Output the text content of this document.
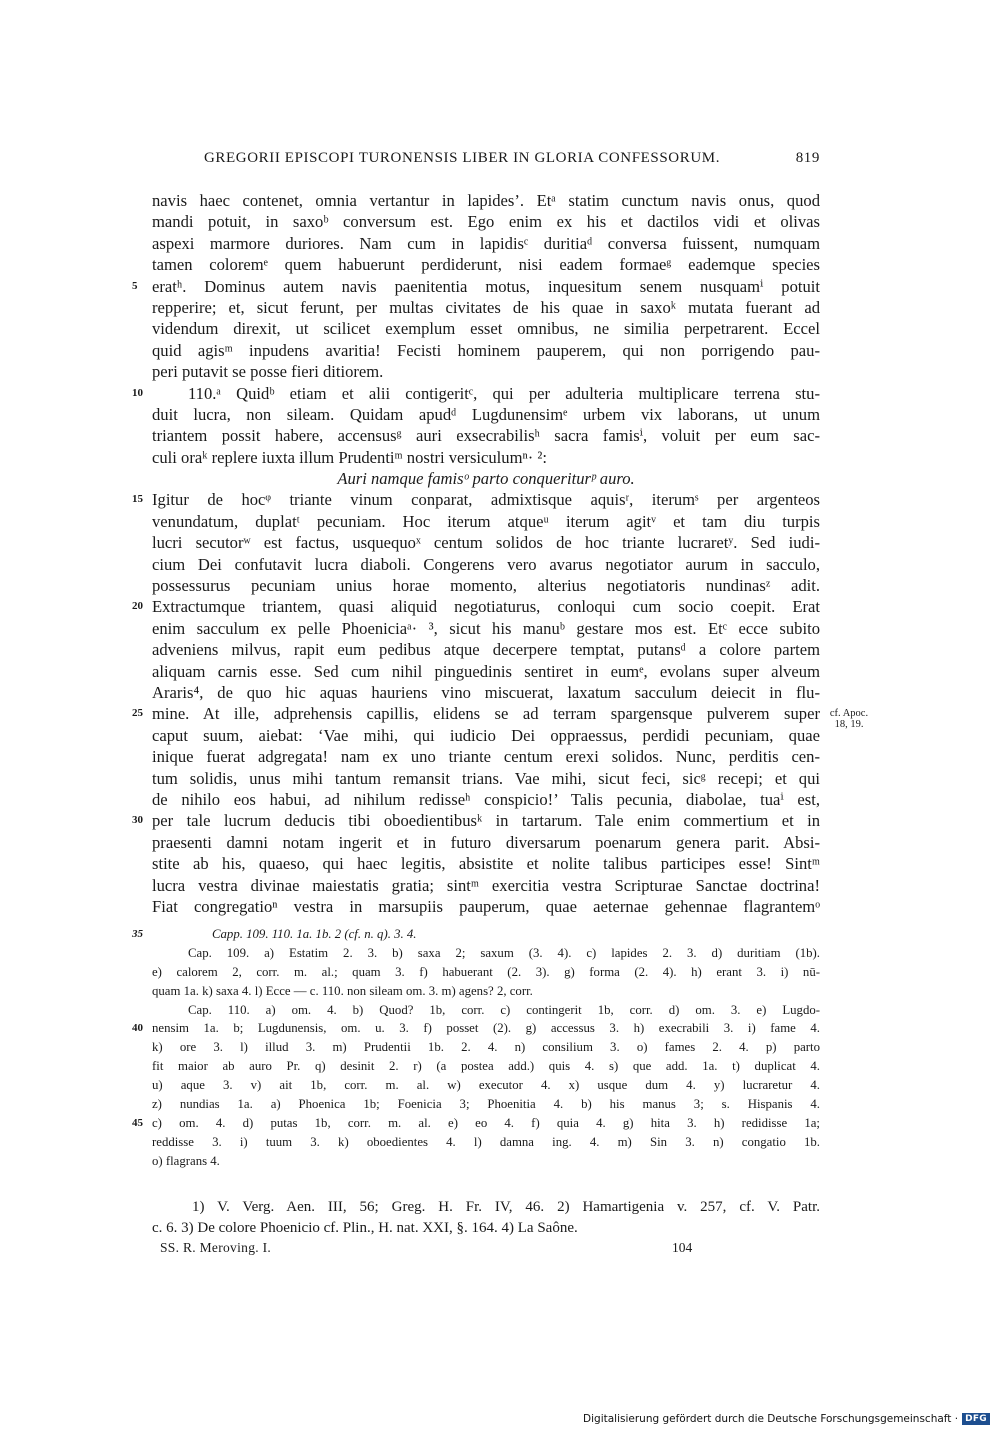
GREGORII EPISCOPI TURONENSIS LIBER IN GLORIA CONFESSORUM.	819
navis haec contenet, omnia vertantur in lapides’. Etᵃ statim cunctum navis onus, quod
mandi potuit, in saxoᵇ conversum est. Ego enim ex his et dactilos vidi et olivas
aspexi marmore duriores. Nam cum in lapidisᶜ duritiaᵈ conversa fuissent, numquam
tamen coloremᵉ quem habuerunt perdiderunt, nisi eadem formaeᵍ eademque species
5 eratʰ. Dominus autem navis paenitentia motus, inquesitum senem nusquamⁱ potuit
repperire; et, sicut ferunt, per multas civitates de his quae in saxoᵏ mutata fuerant ad
videndum direxit, ut scilicet exemplum esset omnibus, ne similia perpetrarent. Eccel
quid agisᵐ inpudens avaritia! Fecisti hominem pauperem, qui non porrigendo pau-
peri putavit se posse fieri ditiorem.
10	110.ᵃ Quidᵇ etiam et alii contigeritᶜ, qui per adulteria multiplicare terrena stu-
duit lucra, non sileam. Quidam apudᵈ Lugdunensimᵉ urbem vix laborans, ut unum
triantem possit habere, accensusᵍ auri exsecrabilisʰ sacra famisⁱ, voluit per eum sac-
culi oraᵏ replere iuxta illum Prudentiᵐ nostri versiculumⁿ· ²:
Auri namque famisᵒ parto conqueriturᵖ auro.
15 Igitur de hocᵠ triante vinum conparat, admixtisque aquisʳ, iterumˢ per argenteos
venundatum, duplatᵗ pecuniam. Hoc iterum atqueᵘ iterum agitᵛ et tam diu turpis
lucri secutorʷ est factus, usquequoˣ centum solidos de hoc triante lucraretʸ. Sed iudi-
cium Dei confutavit lucra diaboli. Congerens vero avarus negotiator aurum in sacculo,
possessurus pecuniam unius horae momento, alterius negotiatoris nundinasᶻ adit.
20 Extractumque triantem, quasi aliquid negotiaturus, conloqui cum socio coepit. Erat
enim sacculum ex pelle Phoeniciaᵃ· ³, sicut his manuᵇ gestare mos est. Etᶜ ecce subito
adveniens milvus, rapit eum pedibus atque decerpere temptat, putansᵈ a colore partem
aliquam carnis esse. Sed cum nihil pinguedinis sentiret in eumᵉ, evolans super alveum
Araris⁴, de quo hic aquas hauriens vino miscuerat, laxatum sacculum deiecit in flu-
25 mine. At ille, adprehensis capillis, elidens se ad terram spargensque pulverem super
caput suum, aiebat: ‘Vae mihi, qui iudicio Dei oppraessus, perdidi pecuniam, quae
inique fuerat adgregata! nam ex uno triante centum erexi solidos. Nunc, perditis cen-
tum solidis, unus mihi tantum remansit trians. Vae mihi, sicut feci, sicᵍ recepi; et qui
de nihilo eos habui, ad nihilum redisseʰ conspicio!’ Talis pecunia, diabolae, tuaⁱ est,
30 per tale lucrum deducis tibi oboedientibusᵏ in tartarum. Tale enim commertium et in
praesenti damni notam ingerit et in futuro diversarum poenarum genera parit. Absi-
stite ab his, quaeso, qui haec legitis, absistite et nolite talibus participes esse! Sintᵐ
lucra vestra divinae maiestatis gratia; sintᵐ exercitia vestra Scripturae Sanctae doctrina!
Fiat congregatioⁿ vestra in marsupiis pauperum, quae aeternae gehennae flagrantemᵒ
cf. Apoc.
18, 19.
35	Capp. 109. 110. 1a. 1b. 2 (cf. n. q). 3. 4.
Cap. 109. a) Estatim 2. 3. b) saxa 2; saxum (3. 4). c) lapides 2. 3. d) duritiam (1b).
e) calorem 2, corr. m. al.; quam 3. f) habuerant (2. 3). g) forma (2. 4). h) erant 3. i) nū-
quam 1a. k) saxa 4. l) Ecce — c. 110. non sileam om. 3. m) agens? 2, corr.
Cap. 110. a) om. 4. b) Quod? 1b, corr. c) contingerit 1b, corr. d) om. 3. e) Lugdo-
40 nensim 1a. b; Lugdunensis, om. u. 3. f) posset (2). g) accessus 3. h) execrabili 3. i) fame 4.
k) ore 3. l) illud 3. m) Prudentii 1b. 2. 4. n) consilium 3. o) fames 2. 4. p) parto
fit maior ab auro Pr. q) desinit 2. r) (a postea add.) quis 4. s) que add. 1a. t) duplicat 4.
u) aque 3. v) ait 1b, corr. m. al. w) executor 4. x) usque dum 4. y) lucraretur 4.
z) nundias 1a. a) Phoenica 1b; Foenicia 3; Phoenitia 4. b) his manus 3; s. Hispanis 4.
45 c) om. 4. d) putas 1b, corr. m. al. e) eo 4. f) quia 4. g) hita 3. h) redidisse 1a;
reddisse 3. i) tuum 3. k) oboedientes 4. l) damna ing. 4. m) Sin 3. n) congatio 1b.
o) flagrans 4.
1) V. Verg. Aen. III, 56; Greg. H. Fr. IV, 46. 2) Hamartigenia v. 257, cf. V. Patr.
c. 6. 3) De colore Phoenicio cf. Plin., H. nat. XXI, §. 164. 4) La Saône.
SS. R. Meroving. I.	104
Digitalisierung gefördert durch die Deutsche Forschungsgemeinschaft · DFG
